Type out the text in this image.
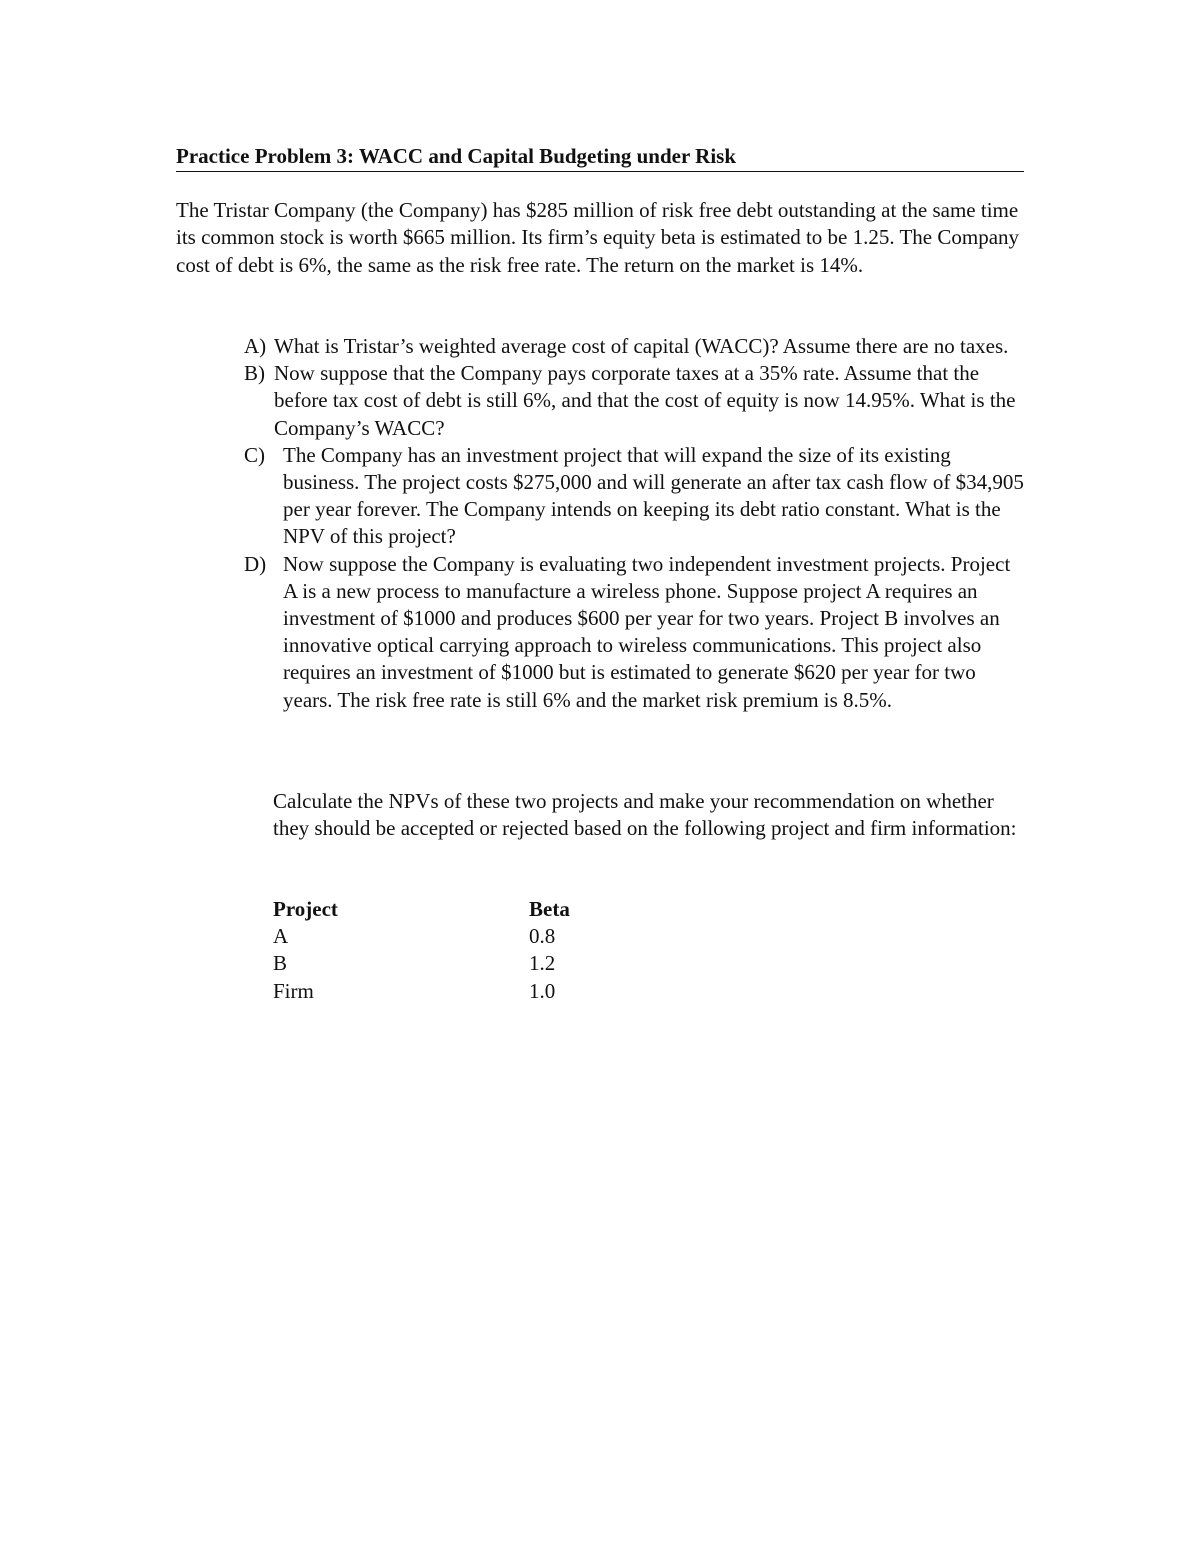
Practice Problem 3: WACC and Capital Budgeting under Risk

The Tristar Company (the Company) has $285 million of risk free debt outstanding at the same time its common stock is worth $665 million. Its firm’s equity beta is estimated to be 1.25. The Company cost of debt is 6%, the same as the risk free rate. The return on the market is 14%.

A) What is Tristar’s weighted average cost of capital (WACC)? Assume there are no taxes.
B) Now suppose that the Company pays corporate taxes at a 35% rate. Assume that the before tax cost of debt is still 6%, and that the cost of equity is now 14.95%. What is the Company’s WACC?
C) The Company has an investment project that will expand the size of its existing business. The project costs $275,000 and will generate an after tax cash flow of $34,905 per year forever. The Company intends on keeping its debt ratio constant. What is the NPV of this project?
D) Now suppose the Company is evaluating two independent investment projects. Project A is a new process to manufacture a wireless phone. Suppose project A requires an investment of $1000 and produces $600 per year for two years. Project B involves an innovative optical carrying approach to wireless communications. This project also requires an investment of $1000 but is estimated to generate $620 per year for two years. The risk free rate is still 6% and the market risk premium is 8.5%.

Calculate the NPVs of these two projects and make your recommendation on whether they should be accepted or rejected based on the following project and firm information:

Project	Beta
A	0.8
B	1.2
Firm	1.0
